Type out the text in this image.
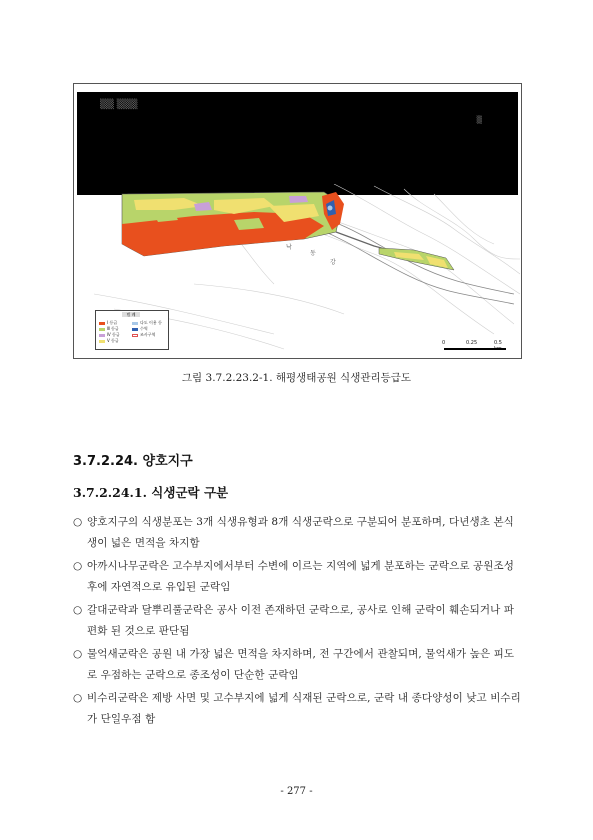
▒▒ ▒▒▒
▒
낙
동
강
범 례
Ⅰ 등급
Ⅲ 등급
Ⅳ 등급
Ⅴ 등급
다도 이용 등
수역
조사구역
0	0.25	0.5
그림 3.7.2.23.2-1. 해평생태공원 식생관리등급도
3.7.2.24. 양호지구
3.7.2.24.1. 식생군락 구분
○ 양호지구의 식생분포는 3개 식생유형과 8개 식생군락으로 구분되어 분포하며, 다년생초 본식생이 넓은 면적을 차지함
○ 아까시나무군락은 고수부지에서부터 수변에 이르는 지역에 넓게 분포하는 군락으로 공원조성 후에 자연적으로 유입된 군락임
○ 갈대군락과 달뿌리풀군락은 공사 이전 존재하던 군락으로, 공사로 인해 군락이 훼손되거나 파편화 된 것으로 판단됨
○ 물억새군락은 공원 내 가장 넓은 면적을 차지하며, 전 구간에서 관찰되며, 물억새가 높은 피도로 우점하는 군락으로 종조성이 단순한 군락임
○ 비수리군락은 제방 사면 및 고수부지에 넓게 식재된 군락으로, 군락 내 종다양성이 낮고 비수리가 단일우점 함
- 277 -
